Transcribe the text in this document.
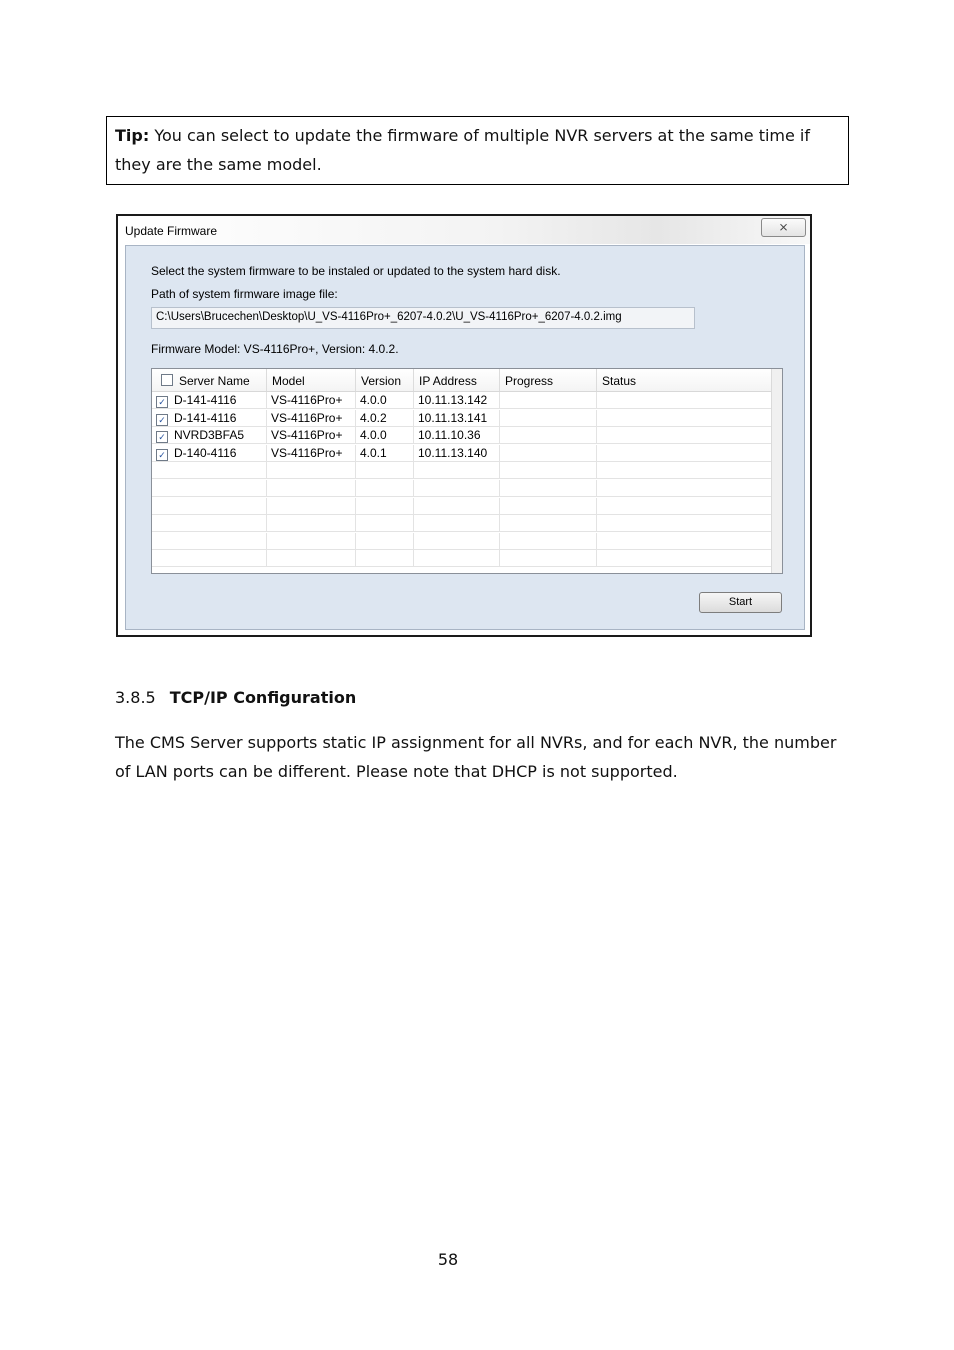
Tip: You can select to update the firmware of multiple NVR servers at the same time if they are the same model.
Update Firmware	⨯
Select the system firmware to be instaled or updated to the system hard disk.
Path of system firmware image file:
C:\Users\Brucechen\Desktop\U_VS-4116Pro+_6207-4.0.2\U_VS-4116Pro+_6207-4.0.2.img
Firmware Model: VS-4116Pro+, Version: 4.0.2.
Server Name	Model	Version	IP Address	Progress	Status
✓ D-141-4116	VS-4116Pro+	4.0.0	10.11.13.142
✓ D-141-4116	VS-4116Pro+	4.0.2	10.11.13.141
✓ NVRD3BFA5	VS-4116Pro+	4.0.0	10.11.10.36
✓ D-140-4116	VS-4116Pro+	4.0.1	10.11.13.140
Start
3.8.5 TCP/IP Configuration
The CMS Server supports static IP assignment for all NVRs, and for each NVR, the number of LAN ports can be different. Please note that DHCP is not supported.
58
